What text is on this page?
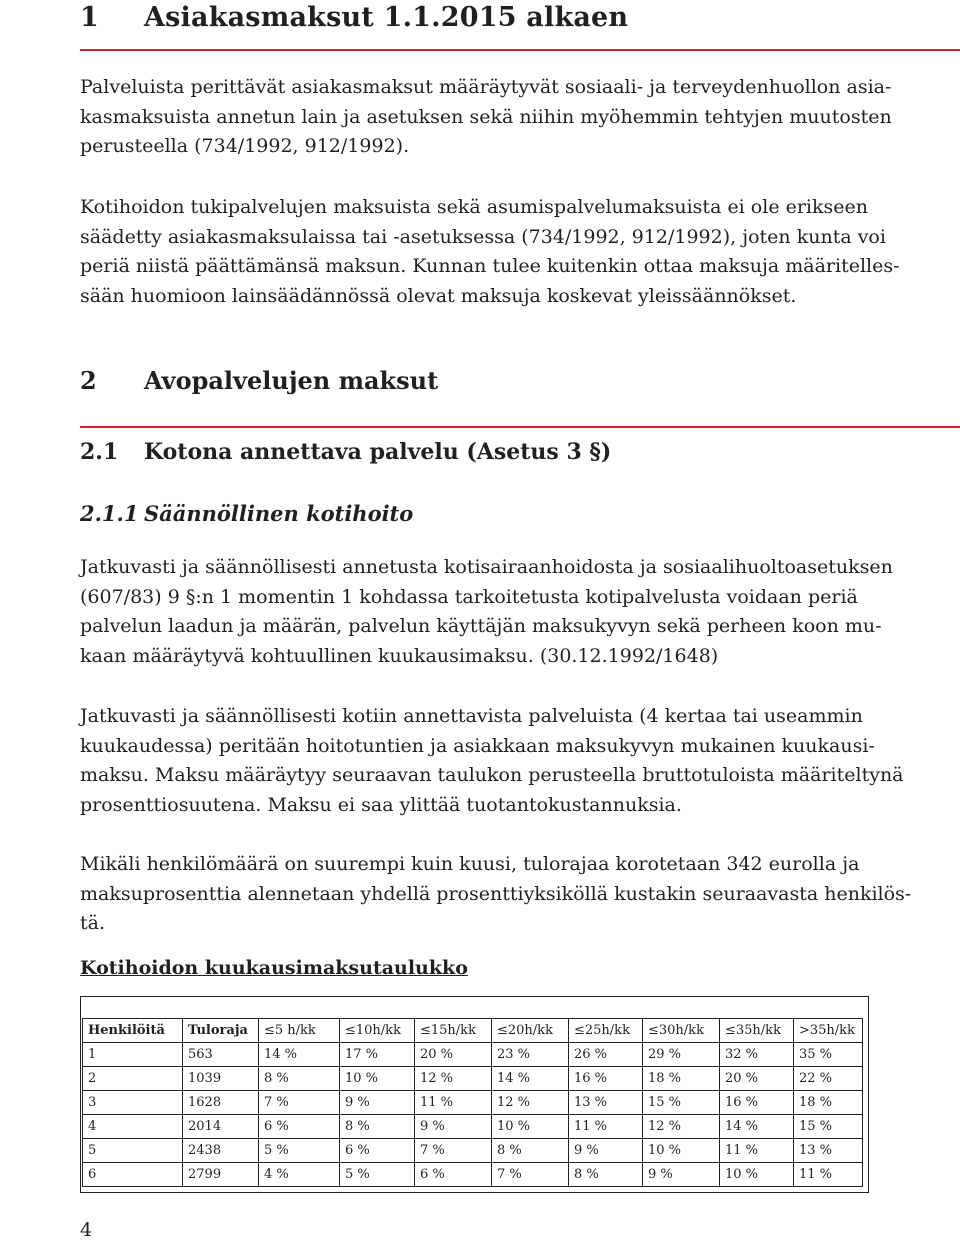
1 Asiakasmaksut 1.1.2015 alkaen

Palveluista perittävät asiakasmaksut määräytyvät sosiaali- ja terveydenhuollon asia-
kasmaksuista annetun lain ja asetuksen sekä niihin myöhemmin tehtyjen muutosten
perusteella (734/1992, 912/1992).

Kotihoidon tukipalvelujen maksuista sekä asumispalvelumaksuista ei ole erikseen
säädetty asiakasmaksulaissa tai -asetuksessa (734/1992, 912/1992), joten kunta voi
periä niistä päättämänsä maksun. Kunnan tulee kuitenkin ottaa maksuja määritelles-
sään huomioon lainsäädännössä olevat maksuja koskevat yleissäännökset.

2 Avopalvelujen maksut
2.1 Kotona annettava palvelu (Asetus 3 §)
2.1.1 Säännöllinen kotihoito

Jatkuvasti ja säännöllisesti annetusta kotisairaanhoidosta ja sosiaalihuoltoasetuksen
(607/83) 9 §:n 1 momentin 1 kohdassa tarkoitetusta kotipalvelusta voidaan periä
palvelun laadun ja määrän, palvelun käyttäjän maksukyvyn sekä perheen koon mu-
kaan määräytyvä kohtuullinen kuukausimaksu. (30.12.1992/1648)

Jatkuvasti ja säännöllisesti kotiin annettavista palveluista (4 kertaa tai useammin
kuukaudessa) peritään hoitotuntien ja asiakkaan maksukyvyn mukainen kuukausi-
maksu. Maksu määräytyy seuraavan taulukon perusteella bruttotuloista määriteltynä
prosenttiosuutena. Maksu ei saa ylittää tuotantokustannuksia.

Mikäli henkilömäärä on suurempi kuin kuusi, tulorajaa korotetaan 342 eurolla ja
maksuprosenttia alennetaan yhdellä prosenttiyksiköllä kustakin seuraavasta henkilös-
tä.

Kotihoidon kuukausimaksutaulukko

Henkilöitä	Tuloraja	≤5 h/kk	≤10h/kk	≤15h/kk	≤20h/kk	≤25h/kk	≤30h/kk	≤35h/kk	>35h/kk
1	563	14 %	17 %	20 %	23 %	26 %	29 %	32 %	35 %
2	1039	8 %	10 %	12 %	14 %	16 %	18 %	20 %	22 %
3	1628	7 %	9 %	11 %	12 %	13 %	15 %	16 %	18 %
4	2014	6 %	8 %	9 %	10 %	11 %	12 %	14 %	15 %
5	2438	5 %	6 %	7 %	8 %	9 %	10 %	11 %	13 %
6	2799	4 %	5 %	6 %	7 %	8 %	9 %	10 %	11 %

4
